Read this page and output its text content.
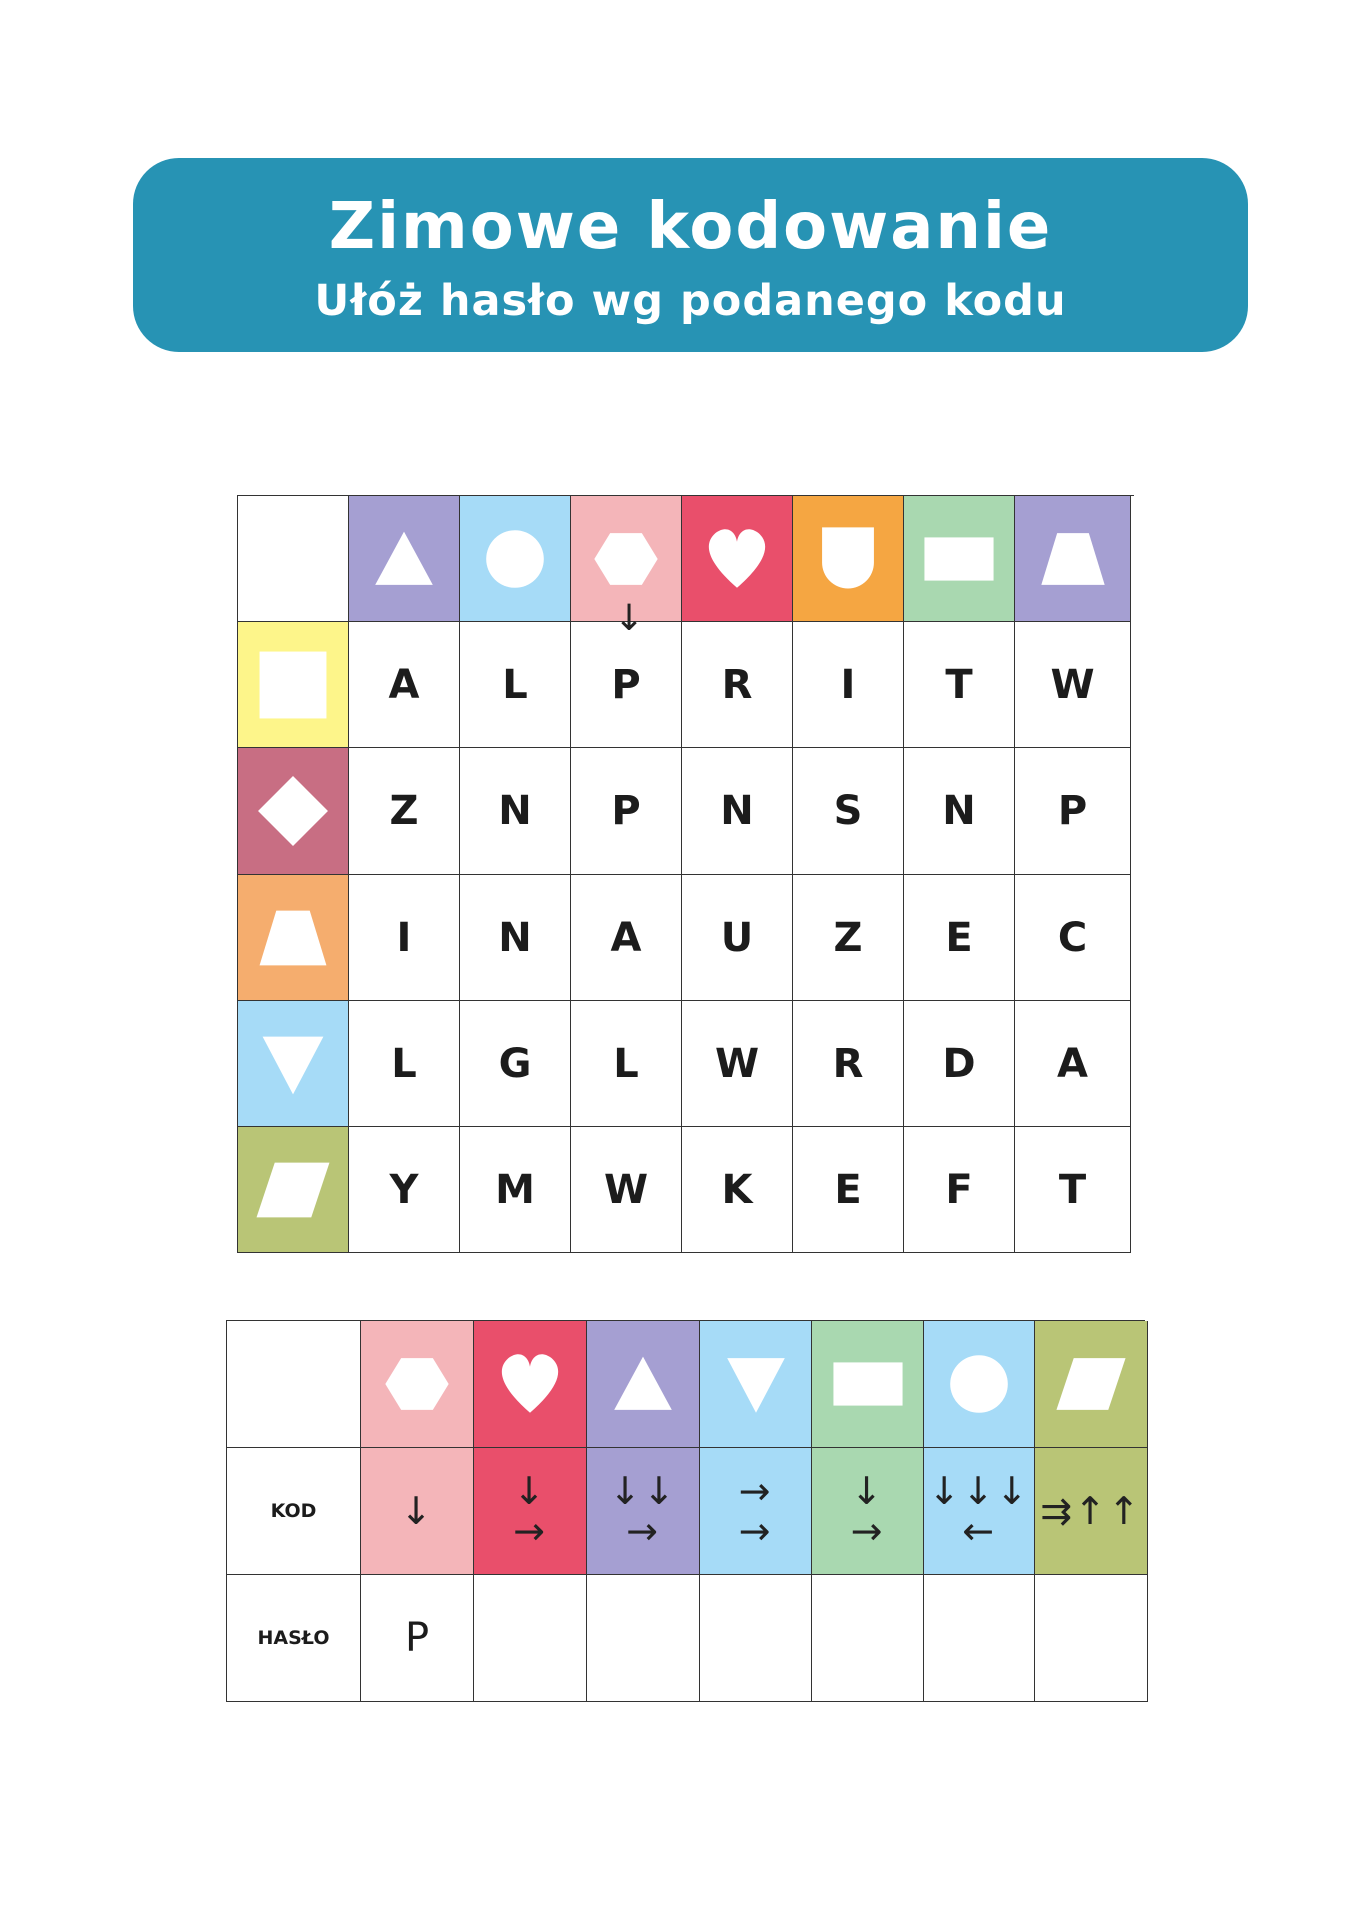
Zimowe kodowanie
Ułóż hasło wg podanego kodu
A L P R I T W
Z N P N S N P
I N A U Z E C
L G L W R D A
Y M W K E F T
↓
KOD
HASŁO
↓
P
↓
→
↓↓
→
→
→
↓
→
↓↓↓
← ⇉↑↑
